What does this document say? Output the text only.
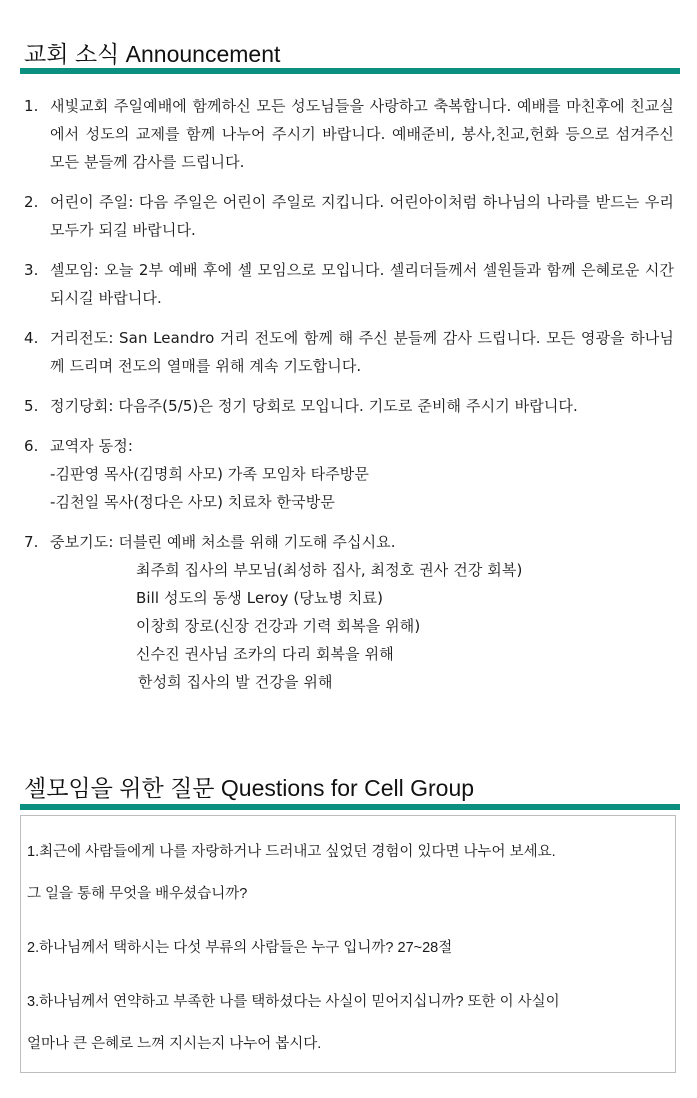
교회 소식 Announcement
1. 새빛교회 주일예배에 함께하신 모든 성도님들을 사랑하고 축복합니다. 예배를 마친후에 친교실에서 성도의 교제를 함께 나누어 주시기 바랍니다. 예배준비, 봉사,친교,헌화 등으로 섬겨주신 모든 분들께 감사를 드립니다.
2. 어린이 주일: 다음 주일은 어린이 주일로 지킵니다. 어린아이처럼 하나님의 나라를 받드는 우리 모두가 되길 바랍니다.
3. 셀모임: 오늘 2부 예배 후에 셀 모임으로 모입니다. 셀리더들께서 셀원들과 함께 은혜로운 시간 되시길 바랍니다.
4. 거리전도: San Leandro 거리 전도에 함께 해 주신 분들께 감사 드립니다. 모든 영광을 하나님께 드리며 전도의 열매를 위해 계속 기도합니다.
5. 정기당회: 다음주(5/5)은 정기 당회로 모입니다. 기도로 준비해 주시기 바랍니다.
6. 교역자 동정:
-김판영 목사(김명희 사모) 가족 모임차 타주방문
-김천일 목사(정다은 사모) 치료차 한국방문
7. 중보기도: 더블린 예배 처소를 위해 기도해 주십시요.
최주희 집사의 부모님(최성하 집사, 최정호 권사 건강 회복)
Bill 성도의 동생 Leroy (당뇨병 치료)
이창희 장로(신장 건강과 기력 회복을 위해)
신수진 권사님 조카의 다리 회복을 위해
한성희 집사의 발 건강을 위해
셀모임을 위한 질문 Questions for Cell Group

1.최근에 사람들에게 나를 자랑하거나 드러내고 싶었던 경험이 있다면 나누어 보세요.

그 일을 통해 무엇을 배우셨습니까?

2.하나님께서 택하시는 다섯 부류의 사람들은 누구 입니까? 27~28절

3.하나님께서 연약하고 부족한 나를 택하셨다는 사실이 믿어지십니까? 또한 이 사실이

얼마나 큰 은혜로 느껴 지시는지 나누어 봅시다.
